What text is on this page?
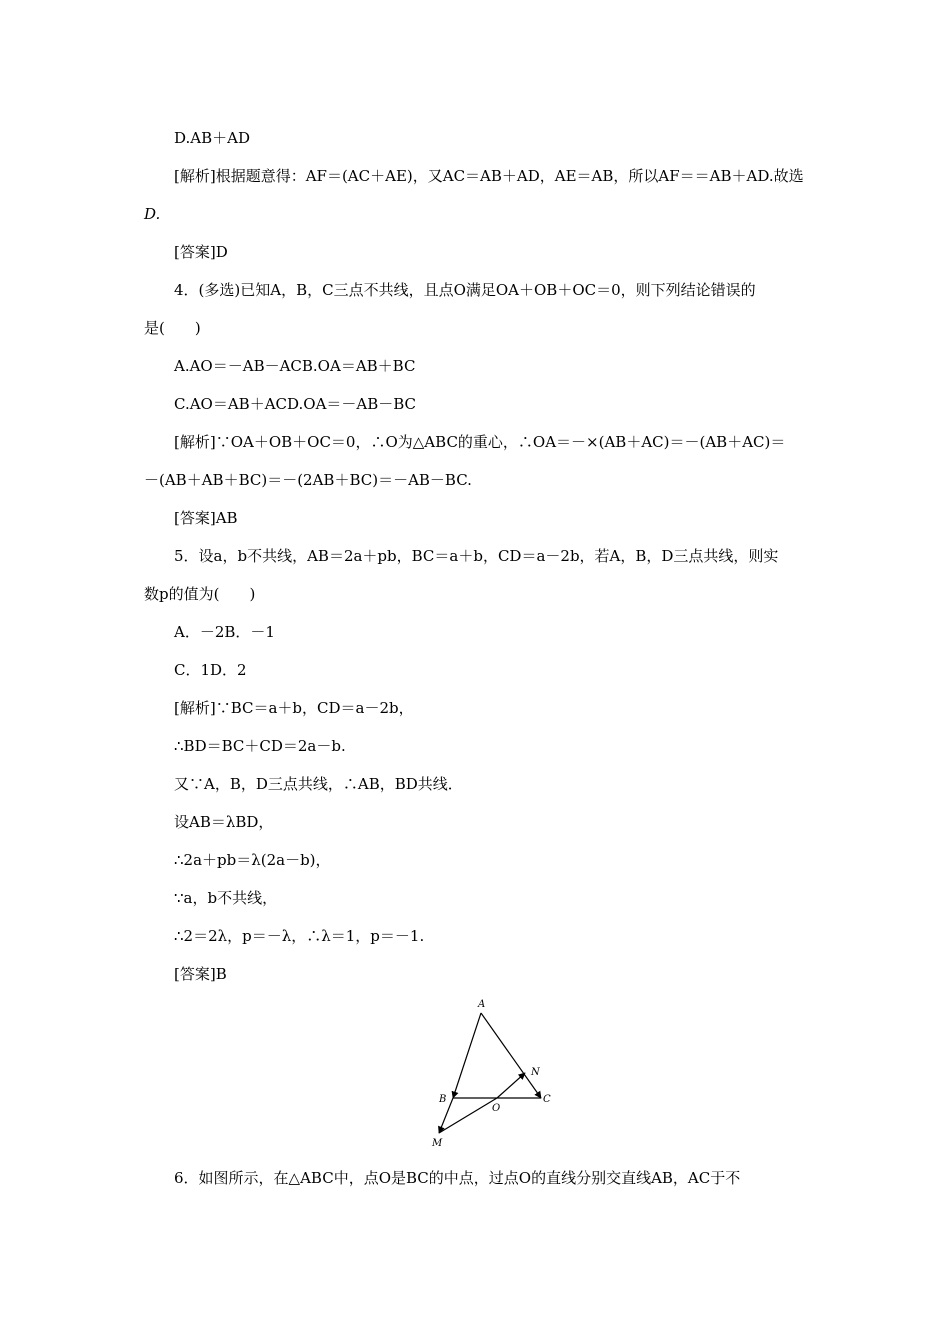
D.AB＋AD
[解析]根据题意得：AF＝(AC＋AE)，又AC＝AB＋AD，AE＝AB，所以AF＝＝AB＋AD.故选
D.
[答案]D
4．(多选)已知A，B，C三点不共线，且点O满足OA＋OB＋OC＝0，则下列结论错误的
是(　　)
A.AO＝－AB－ACB.OA＝AB＋BC
C.AO＝AB＋ACD.OA＝－AB－BC
[解析]∵OA＋OB＋OC＝0，∴O为△ABC的重心，∴OA＝－×(AB＋AC)＝－(AB＋AC)＝
－(AB＋AB＋BC)＝－(2AB＋BC)＝－AB－BC.
[答案]AB
5．设a，b不共线，AB＝2a＋pb，BC＝a＋b，CD＝a－2b，若A，B，D三点共线，则实
数p的值为(　　)
A．－2B．－1
C．1D．2
[解析]∵BC＝a＋b，CD＝a－2b，
∴BD＝BC＋CD＝2a－b.
又∵A，B，D三点共线，∴AB，BD共线．
设AB＝λBD，
∴2a＋pb＝λ(2a－b)，
∵a，b不共线，
∴2＝2λ，p＝－λ，∴λ＝1，p＝－1.
[答案]B
A
B	C
N
O
M
6．如图所示，在△ABC中，点O是BC的中点，过点O的直线分别交直线AB，AC于不
